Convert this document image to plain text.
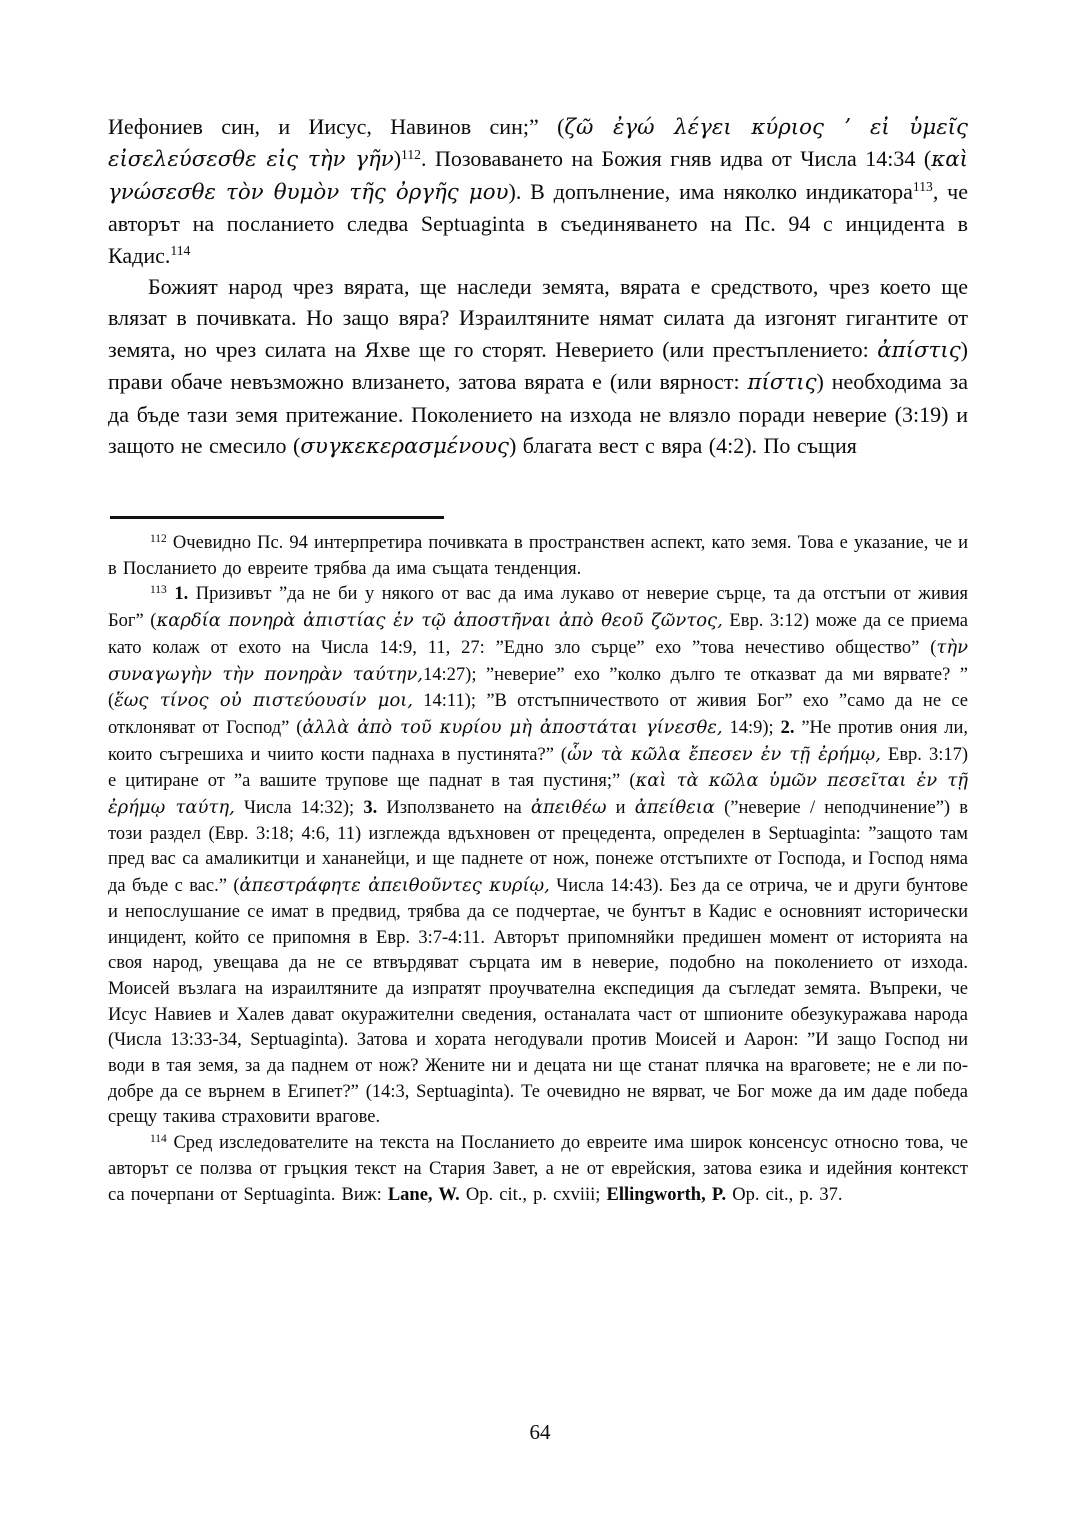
Иефониев син, и Иисус, Навинов син;” (ζῶ ἐγώ λέγει κύριος ʼ εἰ ὑμεῖς εἰσελεύσεσθε εἰς τὴν γῆν)$^{112}$. Позоваването на Божия гняв идва от Числа 14:34 (καὶ γνώσεσθε τὸν θυμὸν τῆς ὀργῆς μου). В допълнение, има няколко индикатора$^{113}$, че авторът на посланието следва Septuaginta в съединяването на Пс. 94 с инцидента в Кадис.$^{114}$

Божият народ чрез вярата, ще наследи земята, вярата е средството, чрез което ще влязат в почивката. Но защо вяра? Израилтяните нямат силата да изгонят гигантите от земята, но чрез силата на Яхве ще го сторят. Неверието (или престъплението: ἀπίστις) прави обаче невъзможно влизането, затова вярата е (или вярност: πίστις) необходима за да бъде тази земя притежание. Поколението на изхода не влязло поради неверие (3:19) и защото не смесило (συγκεκερασμένους) благата вест с вяра (4:2). По същия

$^{112}$ Очевидно Пс. 94 интерпретира почивката в пространствен аспект, като земя. Това е указание, че и в Посланието до евреите трябва да има същата тенденция.

$^{113}$ 1. Призивът ”да не би у някого от вас да има лукаво от неверие сърце, та да отстъпи от живия Бог” (καρδία πονηρὰ ἀπιστίας ἐν τῷ ἀποστῆναι ἀπὸ θεοῦ ζῶντος, Евр. 3:12) може да се приема като колаж от ехото на Числа 14:9, 11, 27: ”Едно зло сърце” ехо ”това нечестиво общество” (τὴν συναγωγὴν τὴν πονηρὰν ταύτην,14:27); ”неверие” ехо ”колко дълго те отказват да ми вярвате? ” (ἕως τίνος οὐ πιστεύουσίν μοι, 14:11); ”В отстъпничеството от живия Бог” ехо ”само да не се отклоняват от Господ” (ἀλλὰ ἀπὸ τοῦ κυρίου μὴ ἀποστάται γίνεσθε, 14:9); 2. ”Не против ония ли, които съгрешиха и чиито кости паднаха в пустинята?” (ὧν τὰ κῶλα ἔπεσεν ἐν τῇ ἐρήμῳ, Евр. 3:17) е цитиране от ”а вашите трупове ще паднат в тая пустиня;” (καὶ τὰ κῶλα ὑμῶν πεσεῖται ἐν τῇ ἐρήμῳ ταύτη, Числа 14:32); 3. Използването на ἀπειθέω и ἀπείθεια (”неверие / неподчинение”) в този раздел (Евр. 3:18; 4:6, 11) изглежда вдъхновен от прецедента, определен в Septuaginta: ”защото там пред вас са амаликитци и хананейци, и ще паднете от нож, понеже отстъпихте от Господа, и Господ няма да бъде с вас.” (ἀπεστράφητε ἀπειθοῦντες κυρίῳ, Числа 14:43). Без да се отрича, че и други бунтове и непослушание се имат в предвид, трябва да се подчертае, че бунтът в Кадис е основният исторически инцидент, който се припомня в Евр. 3:7-4:11. Авторът припомняйки предишен момент от историята на своя народ, увещава да не се втвърдяват сърцата им в неверие, подобно на поколението от изхода. Моисей възлага на израилтяните да изпратят проучвателна експедиция да съгледат земята. Въпреки, че Исус Навиев и Халев дават окуражителни сведения, останалата част от шпионите обезукуражава народа (Числа 13:33-34, Septuaginta). Затова и хората негодували против Моисей и Аарон: ”И защо Господ ни води в тая земя, за да паднем от нож? Жените ни и децата ни ще станат плячка на враговете; не е ли по-добре да се върнем в Египет?” (14:3, Septuaginta). Те очевидно не вярват, че Бог може да им даде победа срещу такива страховити врагове.

$^{114}$ Сред изследователите на текста на Посланието до евреите има широк консенсус относно това, че авторът се ползва от гръцкия текст на Стария Завет, а не от еврейския, затова езика и идейния контекст са почерпани от Septuaginta. Виж: Lane, W. Op. cit., p. cxviii; Ellingworth, P. Op. cit., p. 37.

64
